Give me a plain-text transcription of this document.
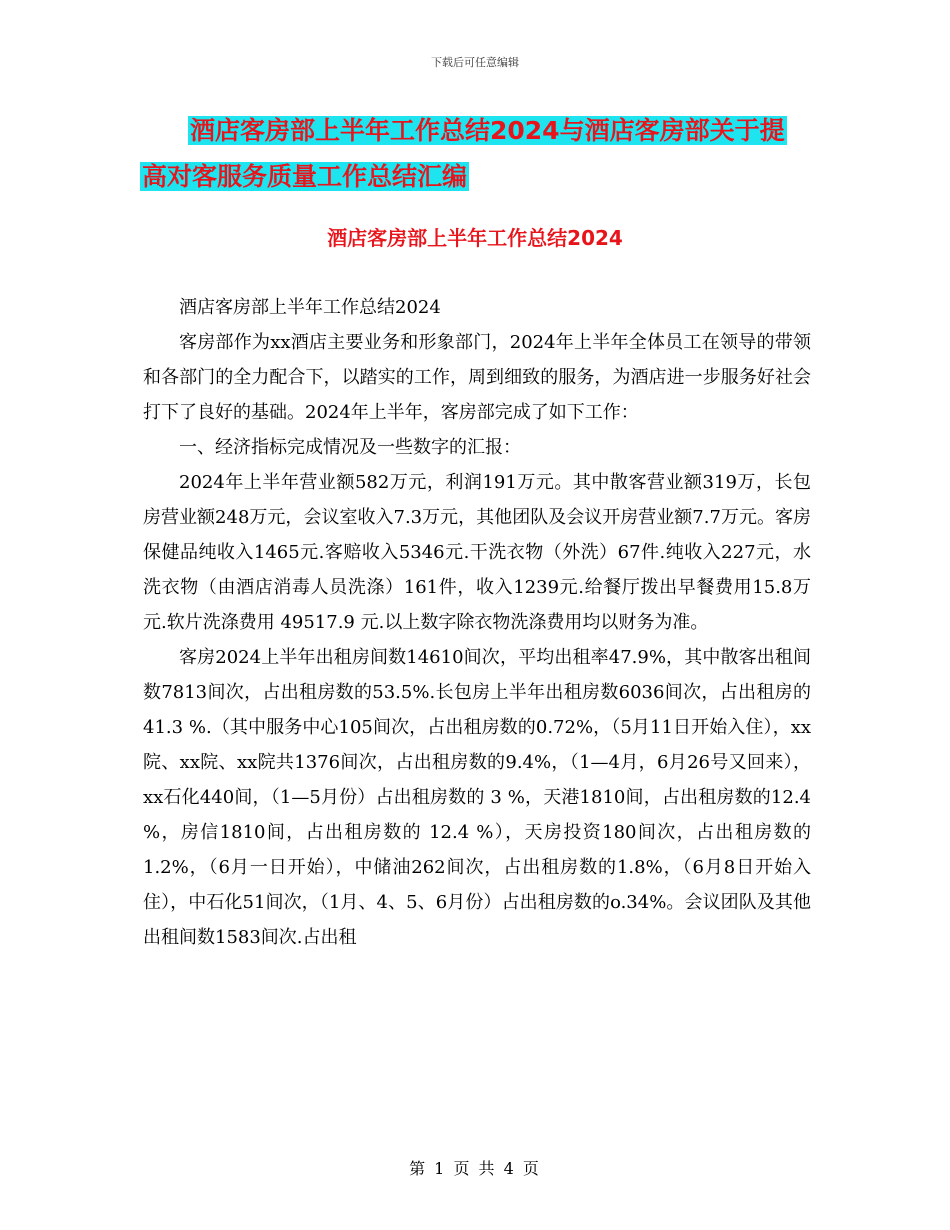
下载后可任意编辑
酒店客房部上半年工作总结2024与酒店客房部关于提
高对客服务质量工作总结汇编
酒店客房部上半年工作总结2024

酒店客房部上半年工作总结2024

客房部作为xx酒店主要业务和形象部门，2024年上半年全体员工在领导的带领和各部门的全力配合下，以踏实的工作，周到细致的服务，为酒店进一步服务好社会打下了良好的基础。2024年上半年，客房部完成了如下工作：

一、经济指标完成情况及一些数字的汇报：

2024年上半年营业额582万元，利润191万元。其中散客营业额319万，长包房营业额248万元，会议室收入7.3万元，其他团队及会议开房营业额7.7万元。客房保健品纯收入1465元.客赔收入5346元.干洗衣物（外洗）67件.纯收入227元，水洗衣物（由酒店消毒人员洗涤）161件，收入1239元.给餐厅拨出早餐费用15.8万元.软片洗涤费用 49517.9 元.以上数字除衣物洗涤费用均以财务为准。

客房2024上半年出租房间数14610间次，平均出租率47.9%，其中散客出租间数7813间次，占出租房数的53.5%.长包房上半年出租房数6036间次，占出租房的 41.3 %.（其中服务中心105间次，占出租房数的0.72%，（5月11日开始入住），xx院、xx院、xx院共1376间次，占出租房数的9.4%，（1—4月，6月26号又回来），xx石化440间，（1—5月份）占出租房数的 3 %，天港1810间，占出租房数的12.4 %，房信1810间，占出租房数的 12.4 %），天房投资180间次，占出租房数的1.2%，（6月一日开始），中储油262间次，占出租房数的1.8%，（6月8日开始入住），中石化51间次，（1月、4、5、6月份）占出租房数的o.34%。会议团队及其他出租间数1583间次.占出租

第 1 页 共 4 页
